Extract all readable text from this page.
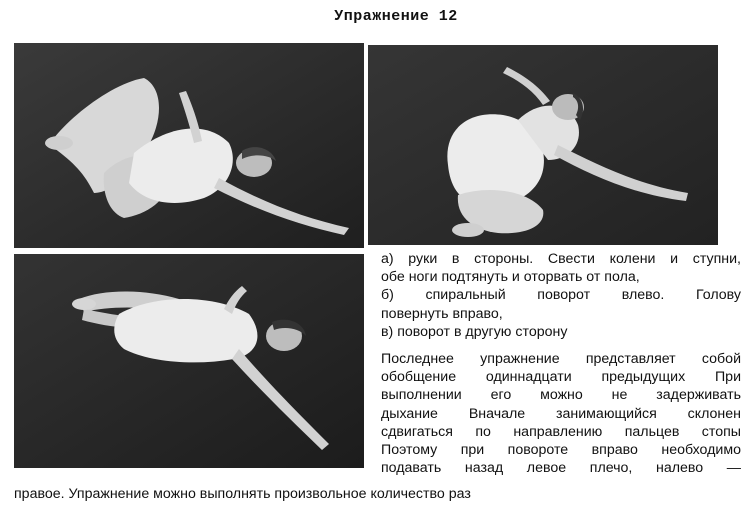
Упражнение 12
а) руки в стороны. Свести колени и ступни,
обе ноги подтянуть и оторвать от пола,
б) спиральный поворот влево. Голову
повернуть вправо,
в) поворот в другую сторону
Последнее упражнение представляет собой
обобщение одиннадцати предыдущих При
выполнении его можно не задерживать
дыхание Вначале занимающийся склонен
сдвигаться по направлению пальцев стопы
Поэтому при повороте вправо необходимо
подавать назад левое плечо, налево —
правое. Упражнение можно выполнять произвольное количество раз
